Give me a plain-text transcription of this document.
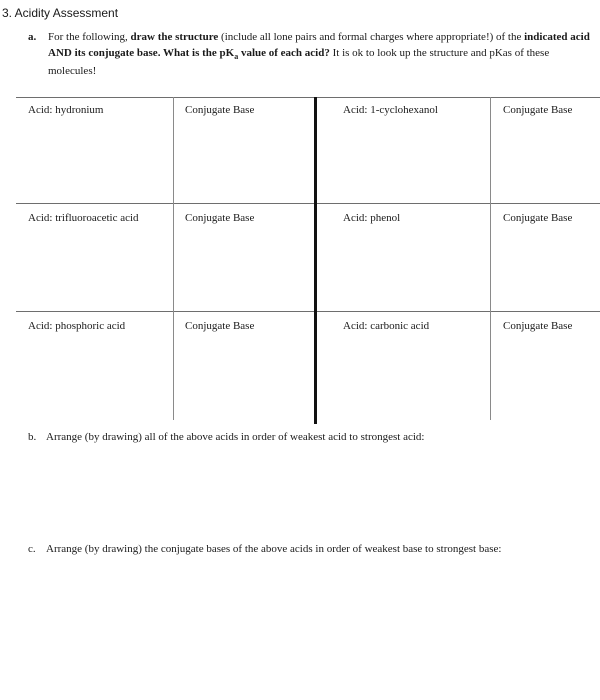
3. Acidity Assessment
a. For the following, draw the structure (include all lone pairs and formal charges where appropriate!) of the indicated acid AND its conjugate base. What is the $pK_a$ value of each acid? It is ok to look up the structure and pKas of these molecules!
Acid: hydronium	Conjugate Base	Acid: 1-cyclohexanol	Conjugate Base
Acid: trifluoroacetic acid	Conjugate Base	Acid: phenol	Conjugate Base
Acid: phosphoric acid	Conjugate Base	Acid: carbonic acid	Conjugate Base
b. Arrange (by drawing) all of the above acids in order of weakest acid to strongest acid:
c. Arrange (by drawing) the conjugate bases of the above acids in order of weakest base to strongest base:
